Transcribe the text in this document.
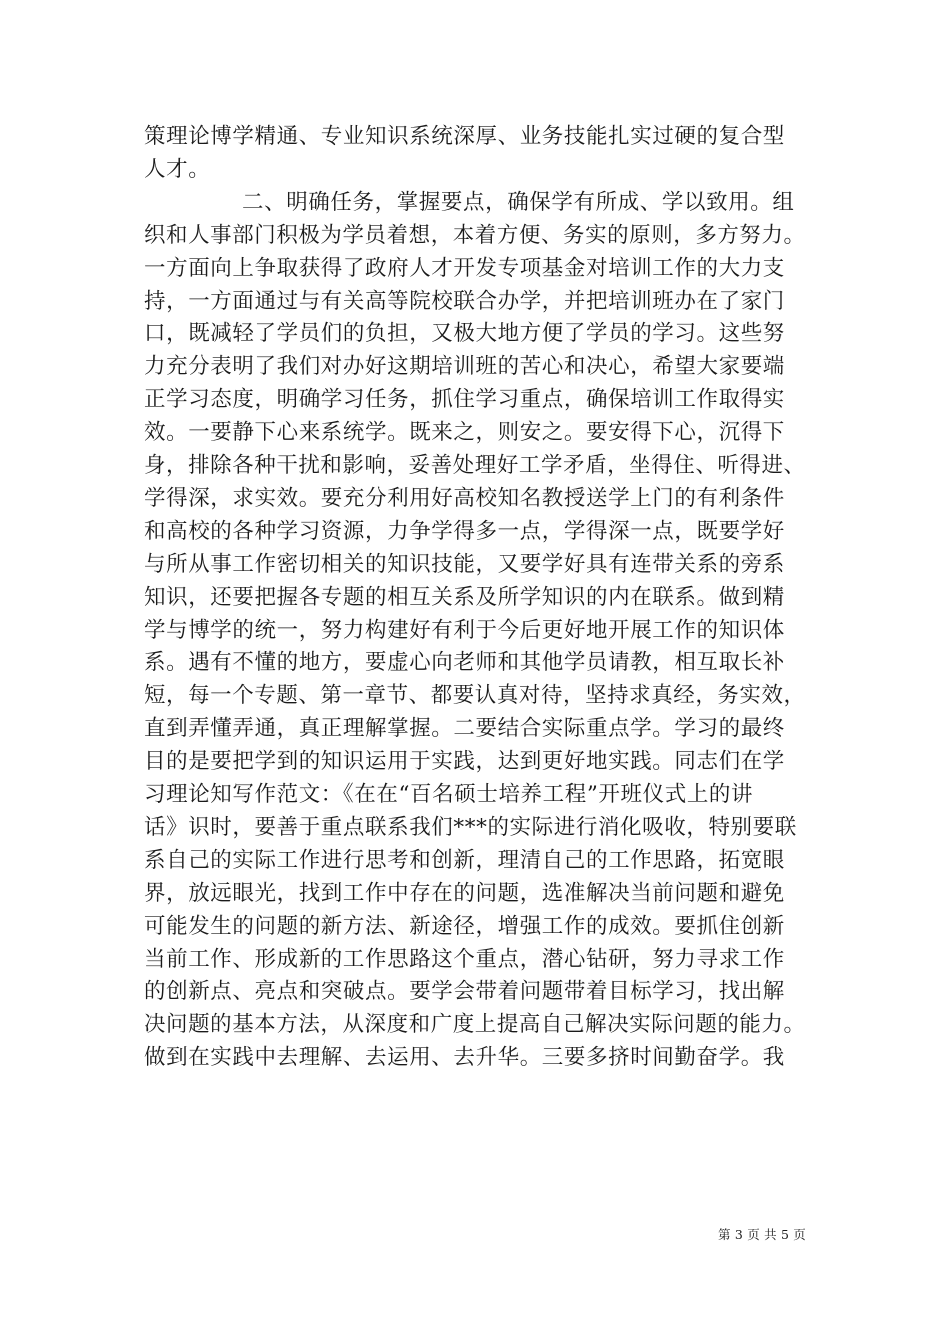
策理论博学精通、专业知识系统深厚、业务技能扎实过硬的复合型
人才。
二、明确任务，掌握要点，确保学有所成、学以致用。组
织和人事部门积极为学员着想，本着方便、务实的原则，多方努力。
一方面向上争取获得了政府人才开发专项基金对培训工作的大力支
持，一方面通过与有关高等院校联合办学，并把培训班办在了家门
口，既减轻了学员们的负担，又极大地方便了学员的学习。这些努
力充分表明了我们对办好这期培训班的苦心和决心，希望大家要端
正学习态度，明确学习任务，抓住学习重点，确保培训工作取得实
效。一要静下心来系统学。既来之，则安之。要安得下心，沉得下
身，排除各种干扰和影响，妥善处理好工学矛盾，坐得住、听得进、
学得深，求实效。要充分利用好高校知名教授送学上门的有利条件
和高校的各种学习资源，力争学得多一点，学得深一点，既要学好
与所从事工作密切相关的知识技能，又要学好具有连带关系的旁系
知识，还要把握各专题的相互关系及所学知识的内在联系。做到精
学与博学的统一，努力构建好有利于今后更好地开展工作的知识体
系。遇有不懂的地方，要虚心向老师和其他学员请教，相互取长补
短，每一个专题、第一章节、都要认真对待，坚持求真经，务实效，
直到弄懂弄通，真正理解掌握。二要结合实际重点学。学习的最终
目的是要把学到的知识运用于实践，达到更好地实践。同志们在学
习理论知写作范文：《在在“百名硕士培养工程”开班仪式上的讲
话》识时，要善于重点联系我们***的实际进行消化吸收，特别要联
系自己的实际工作进行思考和创新，理清自己的工作思路，拓宽眼
界，放远眼光，找到工作中存在的问题，选准解决当前问题和避免
可能发生的问题的新方法、新途径，增强工作的成效。要抓住创新
当前工作、形成新的工作思路这个重点，潜心钻研，努力寻求工作
的创新点、亮点和突破点。要学会带着问题带着目标学习，找出解
决问题的基本方法，从深度和广度上提高自己解决实际问题的能力。
做到在实践中去理解、去运用、去升华。三要多挤时间勤奋学。我
第 3 页 共 5 页
